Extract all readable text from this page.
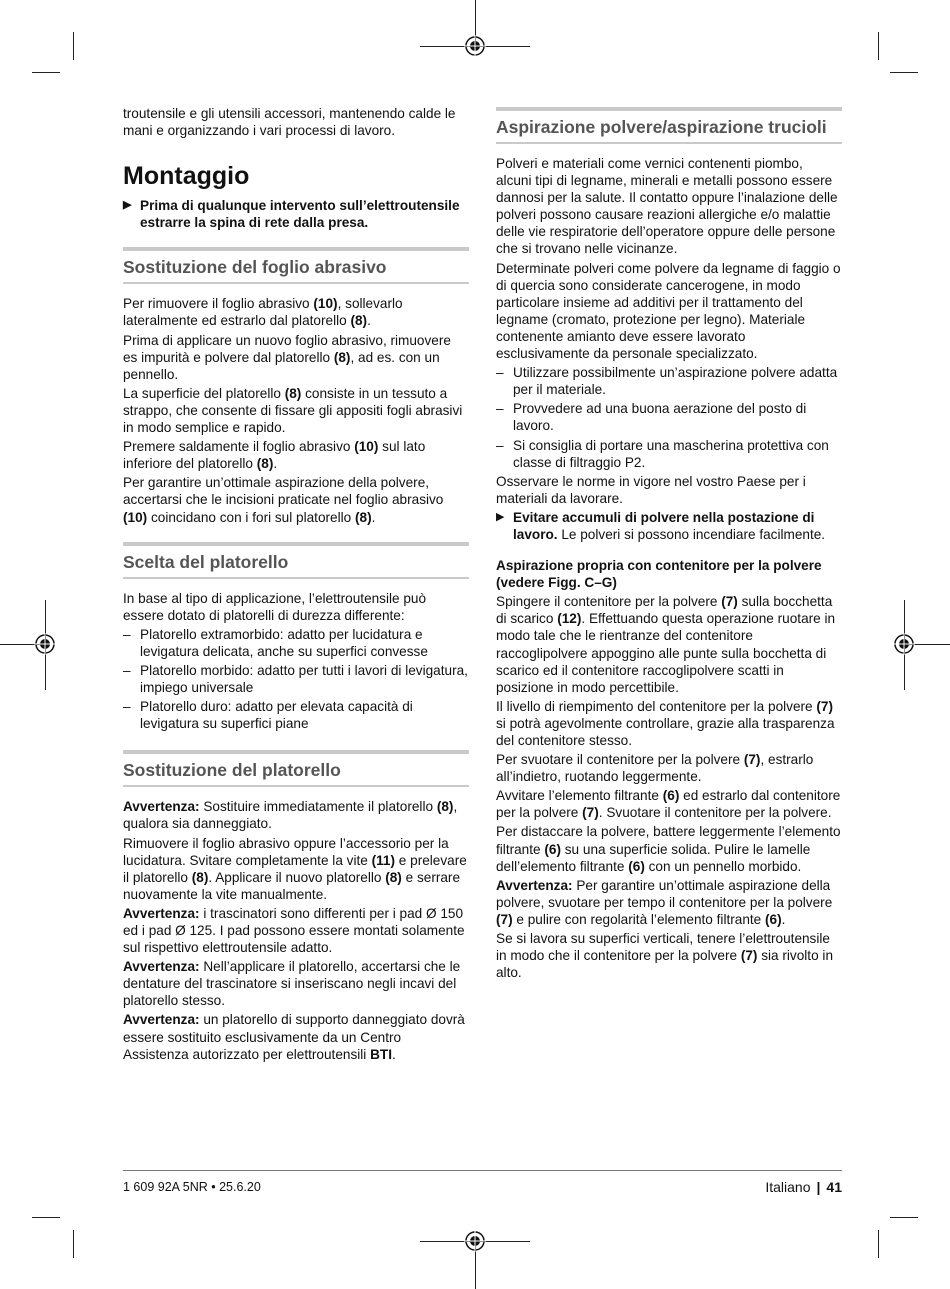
troutensile e gli utensili accessori, mantenendo calde le mani e organizzando i vari processi di lavoro.

Montaggio
▶ Prima di qualunque intervento sull’elettroutensile estrarre la spina di rete dalla presa.
Sostituzione del foglio abrasivo

Per rimuovere il foglio abrasivo (10), sollevarlo lateralmente ed estrarlo dal platorello (8).

Prima di applicare un nuovo foglio abrasivo, rimuovere es impurità e polvere dal platorello (8), ad es. con un pennello.

La superficie del platorello (8) consiste in un tessuto a strappo, che consente di fissare gli appositi fogli abrasivi in modo semplice e rapido.

Premere saldamente il foglio abrasivo (10) sul lato inferiore del platorello (8).

Per garantire un’ottimale aspirazione della polvere, accertarsi che le incisioni praticate nel foglio abrasivo (10) coincidano con i fori sul platorello (8).

Scelta del platorello

In base al tipo di applicazione, l’elettroutensile può essere dotato di platorelli di durezza differente:

– Platorello extramorbido: adatto per lucidatura e levigatura delicata, anche su superfici convesse
– Platorello morbido: adatto per tutti i lavori di levigatura, impiego universale
– Platorello duro: adatto per elevata capacità di levigatura su superfici piane
Sostituzione del platorello

Avvertenza: Sostituire immediatamente il platorello (8), qualora sia danneggiato.

Rimuovere il foglio abrasivo oppure l’accessorio per la lucidatura. Svitare completamente la vite (11) e prelevare il platorello (8). Applicare il nuovo platorello (8) e serrare nuovamente la vite manualmente.

Avvertenza: i trascinatori sono differenti per i pad Ø 150 ed i pad Ø 125. I pad possono essere montati solamente sul rispettivo elettroutensile adatto.

Avvertenza: Nell’applicare il platorello, accertarsi che le dentature del trascinatore si inseriscano negli incavi del platorello stesso.

Avvertenza: un platorello di supporto danneggiato dovrà essere sostituito esclusivamente da un Centro Assistenza autorizzato per elettroutensili BTI.

Aspirazione polvere/aspirazione trucioli

Polveri e materiali come vernici contenenti piombo, alcuni tipi di legname, minerali e metalli possono essere dannosi per la salute. Il contatto oppure l’inalazione delle polveri possono causare reazioni allergiche e/o malattie delle vie respiratorie dell’operatore oppure delle persone che si trovano nelle vicinanze.

Determinate polveri come polvere da legname di faggio o di quercia sono considerate cancerogene, in modo particolare insieme ad additivi per il trattamento del legname (cromato, protezione per legno). Materiale contenente amianto deve essere lavorato esclusivamente da personale specializzato.

– Utilizzare possibilmente un’aspirazione polvere adatta per il materiale.
– Provvedere ad una buona aerazione del posto di lavoro.
– Si consiglia di portare una mascherina protettiva con classe di filtraggio P2.

Osservare le norme in vigore nel vostro Paese per i materiali da lavorare.

▶ Evitare accumuli di polvere nella postazione di lavoro. Le polveri si possono incendiare facilmente.

Aspirazione propria con contenitore per la polvere (vedere Figg. C–G)

Spingere il contenitore per la polvere (7) sulla bocchetta di scarico (12). Effettuando questa operazione ruotare in modo tale che le rientranze del contenitore raccoglipolvere appoggino alle punte sulla bocchetta di scarico ed il contenitore raccoglipolvere scatti in posizione in modo percettibile.

Il livello di riempimento del contenitore per la polvere (7) si potrà agevolmente controllare, grazie alla trasparenza del contenitore stesso.

Per svuotare il contenitore per la polvere (7), estrarlo all’indietro, ruotando leggermente.

Avvitare l’elemento filtrante (6) ed estrarlo dal contenitore per la polvere (7). Svuotare il contenitore per la polvere.

Per distaccare la polvere, battere leggermente l’elemento filtrante (6) su una superficie solida. Pulire le lamelle dell’elemento filtrante (6) con un pennello morbido.

Avvertenza: Per garantire un’ottimale aspirazione della polvere, svuotare per tempo il contenitore per la polvere (7) e pulire con regolarità l’elemento filtrante (6).

Se si lavora su superfici verticali, tenere l’elettroutensile in modo che il contenitore per la polvere (7) sia rivolto in alto.

1 609 92A 5NR • 25.6.20	Italiano | 41
